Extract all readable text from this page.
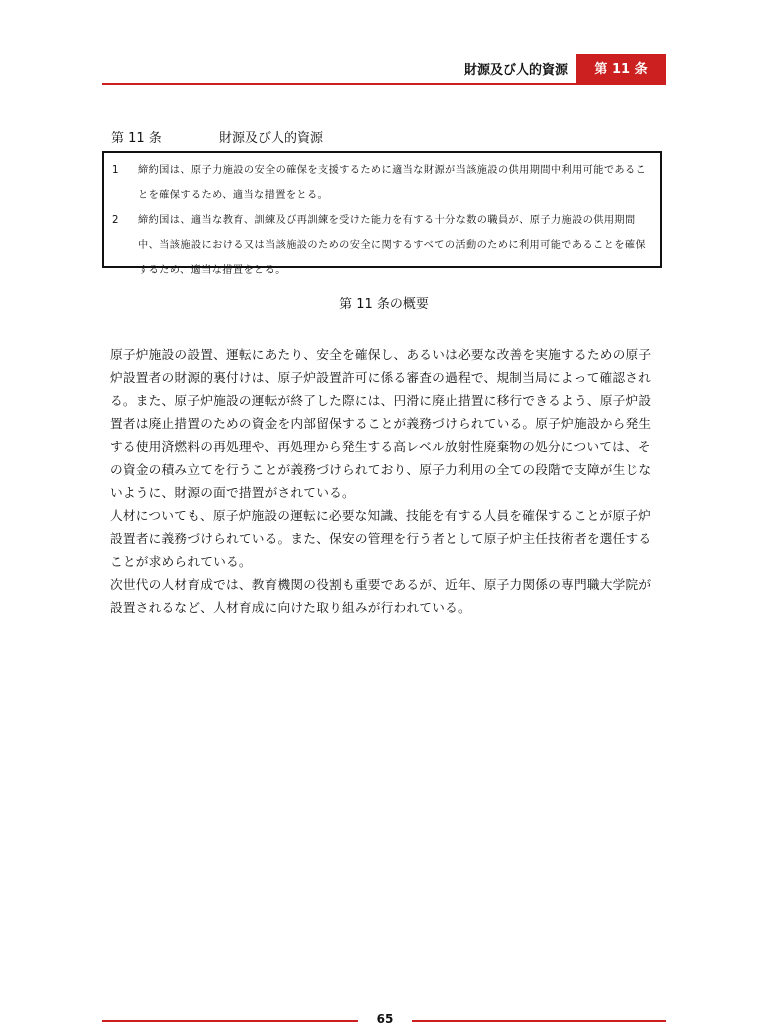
財源及び人的資源	第 11 条
第 11 条	財源及び人的資源
1 締約国は、原子力施設の安全の確保を支援するために適当な財源が当該施設の供用期間中利用可能であることを確保するため、適当な措置をとる。
2 締約国は、適当な教育、訓練及び再訓練を受けた能力を有する十分な数の職員が、原子力施設の供用期間中、当該施設における又は当該施設のための安全に関するすべての活動のために利用可能であることを確保するため、適当な措置をとる。
第 11 条の概要

原子炉施設の設置、運転にあたり、安全を確保し、あるいは必要な改善を実施するための原子炉設置者の財源的裏付けは、原子炉設置許可に係る審査の過程で、規制当局によって確認される。また、原子炉施設の運転が終了した際には、円滑に廃止措置に移行できるよう、原子炉設置者は廃止措置のための資金を内部留保することが義務づけられている。原子炉施設から発生する使用済燃料の再処理や、再処理から発生する高レベル放射性廃棄物の処分については、その資金の積み立てを行うことが義務づけられており、原子力利用の全ての段階で支障が生じないように、財源の面で措置がされている。

人材についても、原子炉施設の運転に必要な知識、技能を有する人員を確保することが原子炉設置者に義務づけられている。また、保安の管理を行う者として原子炉主任技術者を選任することが求められている。

次世代の人材育成では、教育機関の役割も重要であるが、近年、原子力関係の専門職大学院が設置されるなど、人材育成に向けた取り組みが行われている。

65
